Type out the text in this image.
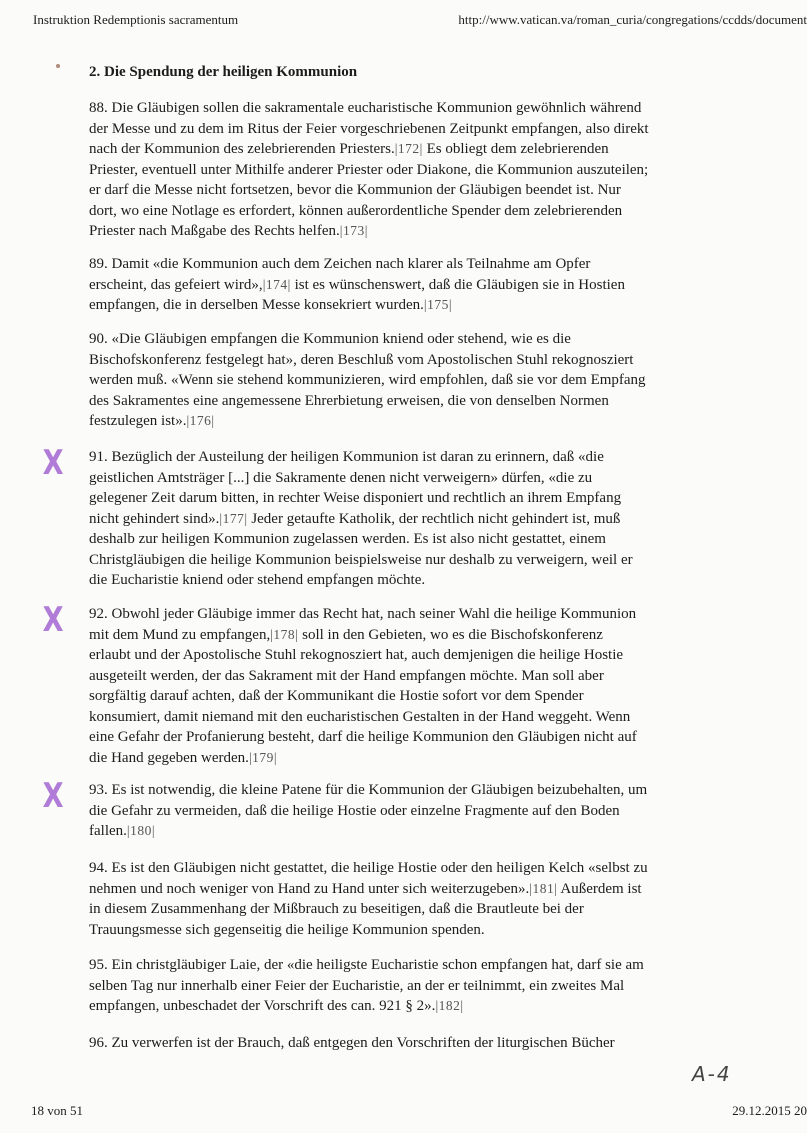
Instruktion Redemptionis sacramentum	http://www.vatican.va/roman_curia/congregations/ccdds/document
2. Die Spendung der heiligen Kommunion
88. Die Gläubigen sollen die sakramentale eucharistische Kommunion gewöhnlich während
der Messe und zu dem im Ritus der Feier vorgeschriebenen Zeitpunkt empfangen, also direkt
nach der Kommunion des zelebrierenden Priesters.|172| Es obliegt dem zelebrierenden
Priester, eventuell unter Mithilfe anderer Priester oder Diakone, die Kommunion auszuteilen;
er darf die Messe nicht fortsetzen, bevor die Kommunion der Gläubigen beendet ist. Nur
dort, wo eine Notlage es erfordert, können außerordentliche Spender dem zelebrierenden
Priester nach Maßgabe des Rechts helfen.|173|
89. Damit «die Kommunion auch dem Zeichen nach klarer als Teilnahme am Opfer
erscheint, das gefeiert wird»,|174| ist es wünschenswert, daß die Gläubigen sie in Hostien
empfangen, die in derselben Messe konsekriert wurden.|175|
90. «Die Gläubigen empfangen die Kommunion kniend oder stehend, wie es die
Bischofskonferenz festgelegt hat», deren Beschluß vom Apostolischen Stuhl rekognosziert
werden muß. «Wenn sie stehend kommunizieren, wird empfohlen, daß sie vor dem Empfang
des Sakramentes eine angemessene Ehrerbietung erweisen, die von denselben Normen
festzulegen ist».|176|
91. Bezüglich der Austeilung der heiligen Kommunion ist daran zu erinnern, daß «die
geistlichen Amtsträger [...] die Sakramente denen nicht verweigern» dürfen, «die zu
gelegener Zeit darum bitten, in rechter Weise disponiert und rechtlich an ihrem Empfang
nicht gehindert sind».|177| Jeder getaufte Katholik, der rechtlich nicht gehindert ist, muß
deshalb zur heiligen Kommunion zugelassen werden. Es ist also nicht gestattet, einem
Christgläubigen die heilige Kommunion beispielsweise nur deshalb zu verweigern, weil er
die Eucharistie kniend oder stehend empfangen möchte.
92. Obwohl jeder Gläubige immer das Recht hat, nach seiner Wahl die heilige Kommunion
mit dem Mund zu empfangen,|178| soll in den Gebieten, wo es die Bischofskonferenz
erlaubt und der Apostolische Stuhl rekognosziert hat, auch demjenigen die heilige Hostie
ausgeteilt werden, der das Sakrament mit der Hand empfangen möchte. Man soll aber
sorgfältig darauf achten, daß der Kommunikant die Hostie sofort vor dem Spender
konsumiert, damit niemand mit den eucharistischen Gestalten in der Hand weggeht. Wenn
eine Gefahr der Profanierung besteht, darf die heilige Kommunion den Gläubigen nicht auf
die Hand gegeben werden.|179|
93. Es ist notwendig, die kleine Patene für die Kommunion der Gläubigen beizubehalten, um
die Gefahr zu vermeiden, daß die heilige Hostie oder einzelne Fragmente auf den Boden
fallen.|180|
94. Es ist den Gläubigen nicht gestattet, die heilige Hostie oder den heiligen Kelch «selbst zu
nehmen und noch weniger von Hand zu Hand unter sich weiterzugeben».|181| Außerdem ist
in diesem Zusammenhang der Mißbrauch zu beseitigen, daß die Brautleute bei der
Trauungsmesse sich gegenseitig die heilige Kommunion spenden.
95. Ein christgläubiger Laie, der «die heiligste Eucharistie schon empfangen hat, darf sie am
selben Tag nur innerhalb einer Feier der Eucharistie, an der er teilnimmt, ein zweites Mal
empfangen, unbeschadet der Vorschrift des can. 921 § 2».|182|
96. Zu verwerfen ist der Brauch, daß entgegen den Vorschriften der liturgischen Bücher
X
X
X
A-4
18 von 51	29.12.2015 20
